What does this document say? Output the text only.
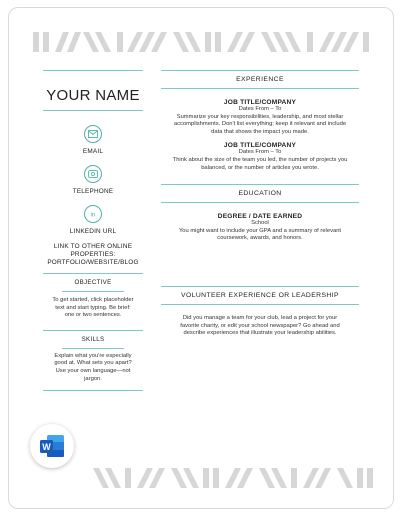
YOUR NAME
EMAIL
TELEPHONE
in
LINKEDIN URL
LINK TO OTHER ONLINE
PROPERTIES:
PORTFOLIO/WEBSITE/BLOG
OBJECTIVE
To get started, click placeholder
text and start typing. Be brief:
one or two sentences.
SKILLS
Explain what you're especially
good at. What sets you apart?
Use your own language—not
jargon.
EXPERIENCE
JOB TITLE/COMPANY
Dates From – To
Summarize your key responsibilities, leadership, and most stellar
accomplishments. Don't list everything; keep it relevant and include
data that shows the impact you made.
JOB TITLE/COMPANY
Dates From – To
Think about the size of the team you led, the number of projects you
balanced, or the number of articles you wrote.
EDUCATION
DEGREE / DATE EARNED
School
You might want to include your GPA and a summary of relevant
coursework, awards, and honors.
VOLUNTEER EXPERIENCE OR LEADERSHIP
Did you manage a team for your club, lead a project for your
favorite charity, or edit your school newspaper? Go ahead and
describe experiences that illustrate your leadership abilities.
W
